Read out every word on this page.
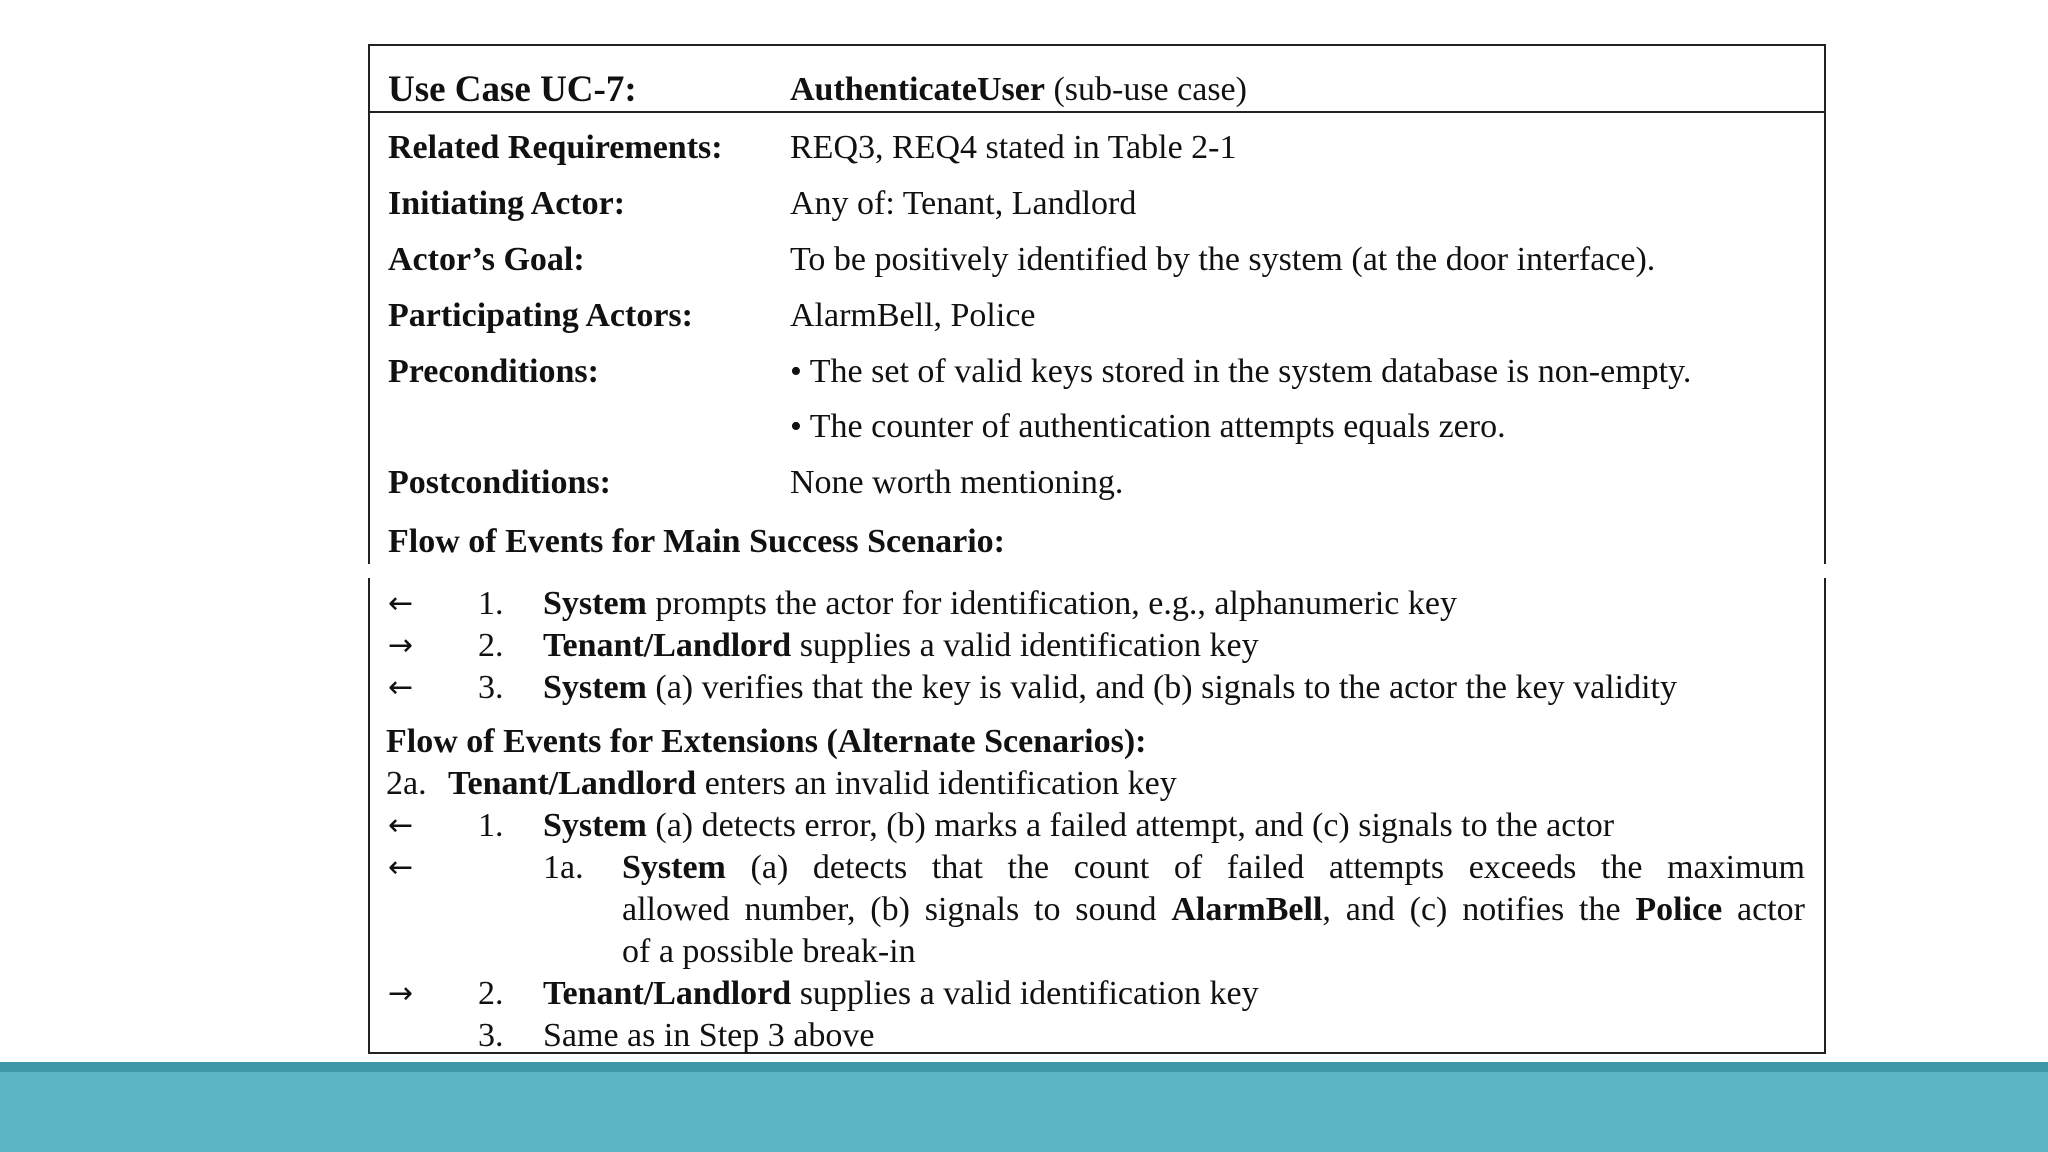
Use Case UC-7:	AuthenticateUser (sub-use case)
Related Requirements: REQ3, REQ4 stated in Table 2-1
Initiating Actor:	Any of: Tenant, Landlord
Actor’s Goal:	To be positively identified by the system (at the door interface).
Participating Actors:	AlarmBell, Police
Preconditions:	• The set of valid keys stored in the system database is non-empty.
• The counter of authentication attempts equals zero.
Postconditions:	None worth mentioning.
Flow of Events for Main Success Scenario:
← 1. System prompts the actor for identification, e.g., alphanumeric key
→ 2. Tenant/Landlord supplies a valid identification key
← 3. System (a) verifies that the key is valid, and (b) signals to the actor the key validity
Flow of Events for Extensions (Alternate Scenarios):
2a. Tenant/Landlord enters an invalid identification key
← 1. System (a) detects error, (b) marks a failed attempt, and (c) signals to the actor
←	1a. System (a) detects that the count of failed attempts exceeds the maximum
allowed number, (b) signals to sound AlarmBell, and (c) notifies the Police actor
of a possible break-in
→ 2. Tenant/Landlord supplies a valid identification key
3. Same as in Step 3 above
